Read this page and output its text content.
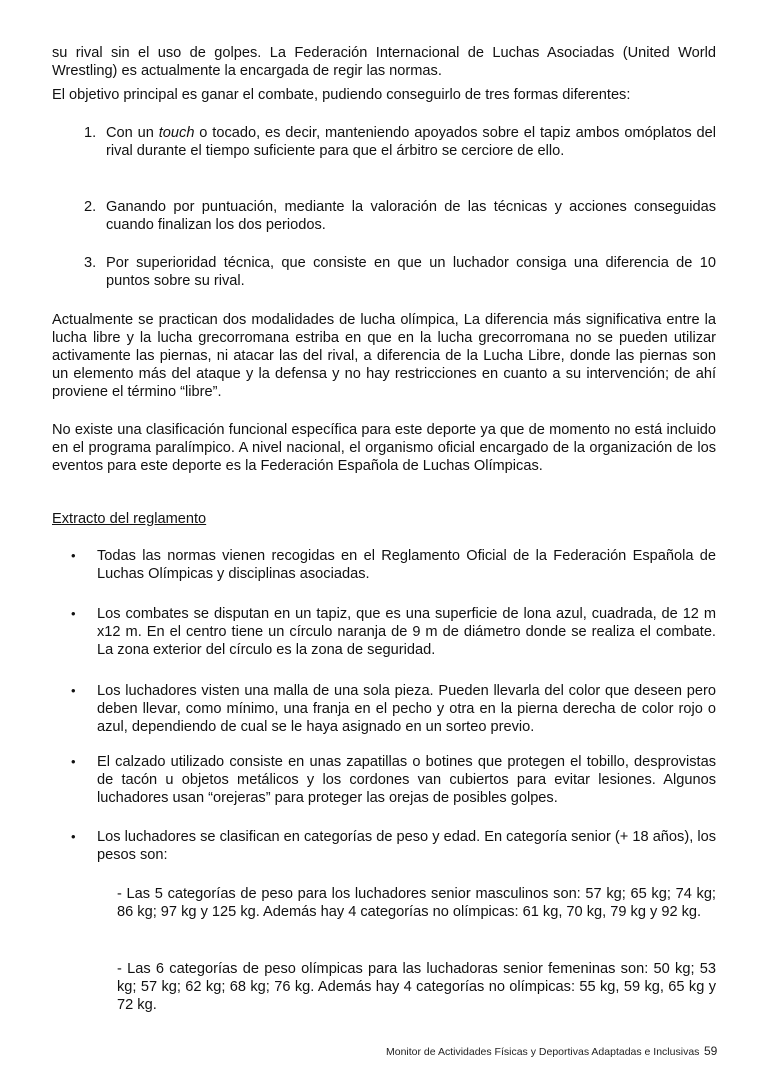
su rival sin el uso de golpes. La Federación Internacional de Luchas Asociadas (United World Wrestling) es actualmente la encargada de regir las normas.

El objetivo principal es ganar el combate, pudiendo conseguirlo de tres formas diferentes:

1. Con un touch o tocado, es decir, manteniendo apoyados sobre el tapiz ambos omóplatos del rival durante el tiempo suficiente para que el árbitro se cerciore de ello.
2. Ganando por puntuación, mediante la valoración de las técnicas y acciones conseguidas cuando finalizan los dos periodos.
3. Por superioridad técnica, que consiste en que un luchador consiga una diferencia de 10 puntos sobre su rival.

Actualmente se practican dos modalidades de lucha olímpica, La diferencia más significativa entre la lucha libre y la lucha grecorromana estriba en que en la lucha grecorromana no se pueden utilizar activamente las piernas, ni atacar las del rival, a diferencia de la Lucha Libre, donde las piernas son un elemento más del ataque y la defensa y no hay restricciones en cuanto a su intervención; de ahí proviene el término “libre”.

No existe una clasificación funcional específica para este deporte ya que de momento no está incluido en el programa paralímpico. A nivel nacional, el organismo oficial encargado de la organización de los eventos para este deporte es la Federación Española de Luchas Olímpicas.

Extracto del reglamento
• Todas las normas vienen recogidas en el Reglamento Oficial de la Federación Española de Luchas Olímpicas y disciplinas asociadas.
• Los combates se disputan en un tapiz, que es una superficie de lona azul, cuadrada, de 12 m x12 m. En el centro tiene un círculo naranja de 9 m de diámetro donde se realiza el combate. La zona exterior del círculo es la zona de seguridad.
• Los luchadores visten una malla de una sola pieza. Pueden llevarla del color que deseen pero deben llevar, como mínimo, una franja en el pecho y otra en la pierna derecha de color rojo o azul, dependiendo de cual se le haya asignado en un sorteo previo.
• El calzado utilizado consiste en unas zapatillas o botines que protegen el tobillo, desprovistas de tacón u objetos metálicos y los cordones van cubiertos para evitar lesiones. Algunos luchadores usan “orejeras” para proteger las orejas de posibles golpes.
• Los luchadores se clasifican en categorías de peso y edad. En categoría senior (+ 18 años), los pesos son:
- Las 5 categorías de peso para los luchadores senior masculinos son: 57 kg; 65 kg; 74 kg; 86 kg; 97 kg y 125 kg. Además hay 4 categorías no olímpicas: 61 kg, 70 kg, 79 kg y 92 kg.
- Las 6 categorías de peso olímpicas para las luchadoras senior femeninas son: 50 kg; 53 kg; 57 kg; 62 kg; 68 kg; 76 kg. Además hay 4 categorías no olímpicas: 55 kg, 59 kg, 65 kg y 72 kg.
Monitor de Actividades Físicas y Deportivas Adaptadas e Inclusivas 59
